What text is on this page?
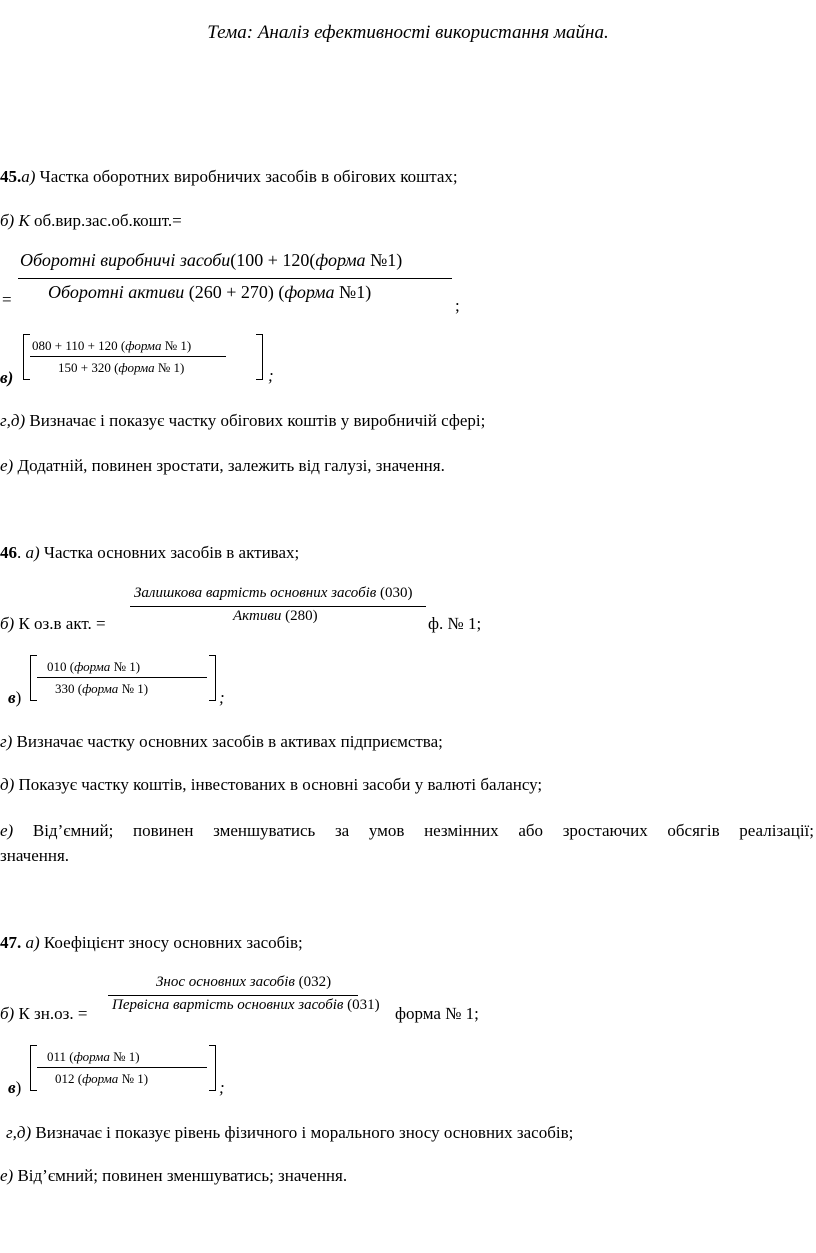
Тема: Аналіз ефективності використання майна.
45.а) Частка оборотних виробничих засобів в обігових коштах;
б) К об.вир.зас.об.кошт.=
Оборотні виробничі засоби(100 + 120(форма №1)
Оборотні активи (260 + 270) (форма №1)
=	;
в)
080 + 110 + 120 (форма № 1)
150 + 320 (форма № 1)	;
г,д) Визначає і показує частку обігових коштів у виробничій сфері;
е) Додатній, повинен зростати, залежить від галузі, значення.
46. а) Частка основних засобів в активах;
Залишкова вартість основних засобів (030)
Активи (280)
б) К оз.в акт. =	ф. № 1;
в)
010 (форма № 1)
330 (форма № 1)	;
г) Визначає частку основних засобів в активах підприємства;
д) Показує частку коштів, інвестованих в основні засоби у валюті балансу;
е) Від’ємний; повинен зменшуватись за умов незмінних або зростаючих обсягів реалізації;
значення.
47. а) Коефіцієнт зносу основних засобів;
Знос основних засобів (032)
Первісна вартість основних засобів (031)
б) К зн.оз. =	форма № 1;
в)
011 (форма № 1)
012 (форма № 1)	;
г,д) Визначає і показує рівень фізичного і морального зносу основних засобів;
е) Від’ємний; повинен зменшуватись; значення.
